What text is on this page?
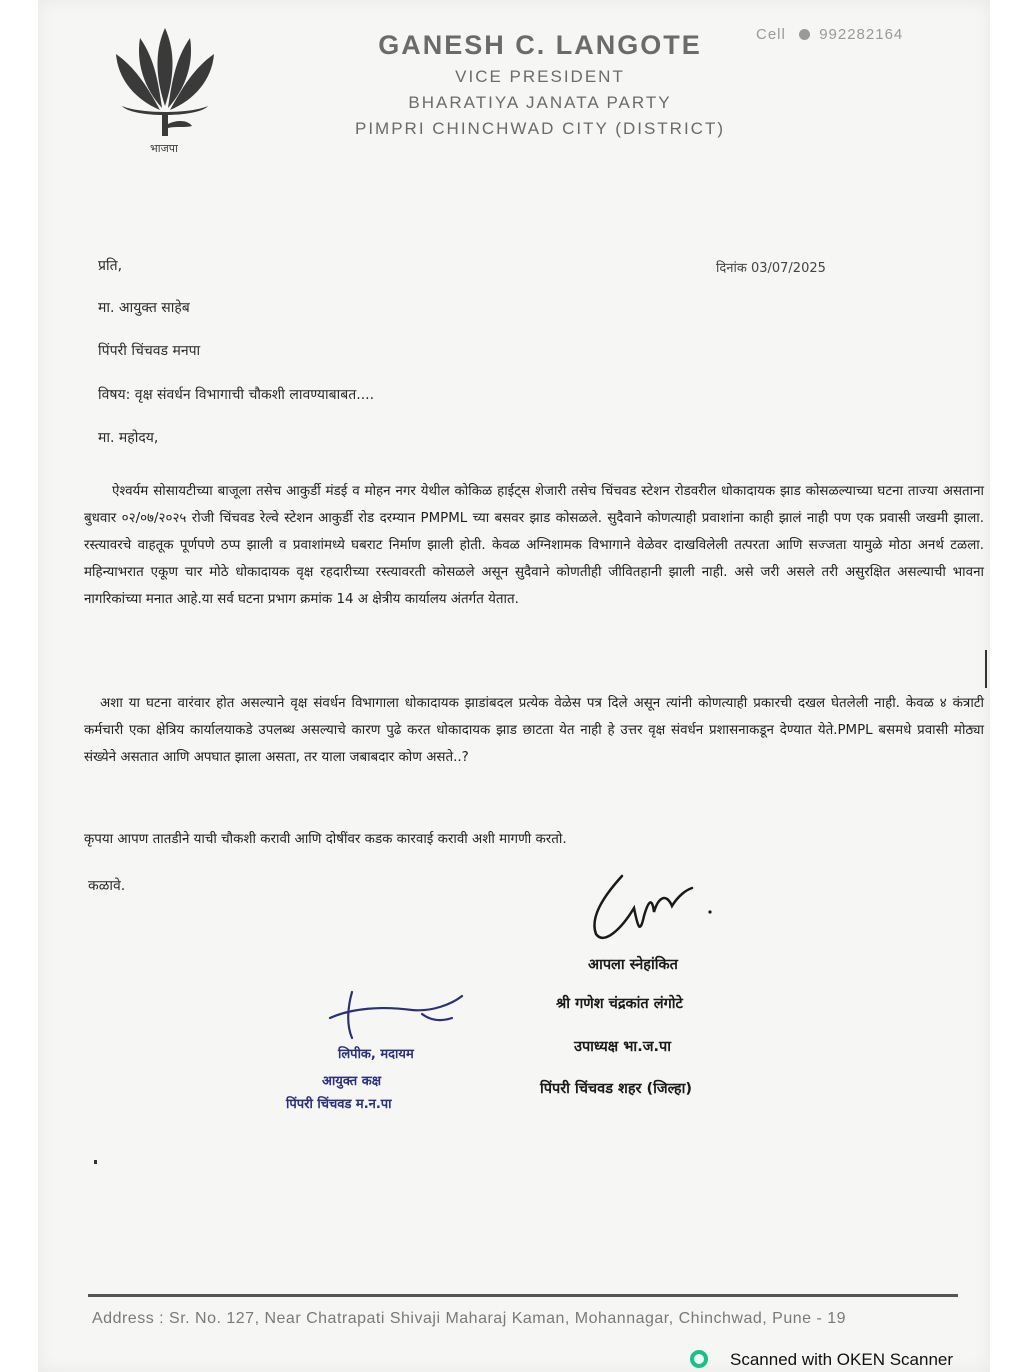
भाजपा
GANESH C. LANGOTE
VICE PRESIDENT
BHARATIYA JANATA PARTY
PIMPRI CHINCHWAD CITY (DISTRICT)
Cell 992282164
प्रति,	दिनांक 03/07/2025
मा. आयुक्त साहेब
पिंपरी चिंचवड मनपा
विषय: वृक्ष संवर्धन विभागाची चौकशी लावण्याबाबत....
मा. महोदय,
ऐश्वर्यम सोसायटीच्या बाजूला तसेच आकुर्डी मंडई व मोहन नगर येथील कोकिळ हाईट्स शेजारी तसेच चिंचवड स्टेशन रोडवरील धोकादायक झाड कोसळल्याच्या घटना ताज्या असताना बुधवार ०२/०७/२०२५ रोजी चिंचवड रेल्वे स्टेशन आकुर्डी रोड दरम्यान PMPML च्या बसवर झाड कोसळले. सुदैवाने कोणत्याही प्रवाशांना काही झालं नाही पण एक प्रवासी जखमी झाला. रस्त्यावरचे वाहतूक पूर्णपणे ठप्प झाली व प्रवाशांमध्ये घबराट निर्माण झाली होती. केवळ अग्निशामक विभागाने वेळेवर दाखविलेली तत्परता आणि सज्जता यामुळे मोठा अनर्थ टळला. महिन्याभरात एकूण चार मोठे धोकादायक वृक्ष रहदारीच्या रस्त्यावरती कोसळले असून सुदैवाने कोणतीही जीवितहानी झाली नाही. असे जरी असले तरी असुरक्षित असल्याची भावना नागरिकांच्या मनात आहे.या सर्व घटना प्रभाग क्रमांक 14 अ क्षेत्रीय कार्यालय अंतर्गत येतात.
अशा या घटना वारंवार होत असल्याने वृक्ष संवर्धन विभागाला धोकादायक झाडांबदल प्रत्येक वेळेस पत्र दिले असून त्यांनी कोणत्याही प्रकारची दखल घेतलेली नाही. केवळ ४ कंत्राटी कर्मचारी एका क्षेत्रिय कार्यालयाकडे उपलब्ध असल्याचे कारण पुढे करत धोकादायक झाड छाटता येत नाही हे उत्तर वृक्ष संवर्धन प्रशासनाकडून देण्यात येते.PMPL बसमधे प्रवासी मोठ्या संख्येने असतात आणि अपघात झाला असता, तर याला जबाबदार कोण असते..?
कृपया आपण तातडीने याची चौकशी करावी आणि दोषींवर कडक कारवाई करावी अशी मागणी करतो.
कळावे.
आपला स्नेहांकित
श्री गणेश चंद्रकांत लंगोटे
उपाध्यक्ष भा.ज.पा
पिंपरी चिंचवड शहर (जिल्हा)
लिपीक, मदायम
आयुक्त कक्ष
पिंपरी चिंचवड म.न.पा
Address : Sr. No. 127, Near Chatrapati Shivaji Maharaj Kaman, Mohannagar, Chinchwad, Pune - 19
Scanned with OKEN Scanner
